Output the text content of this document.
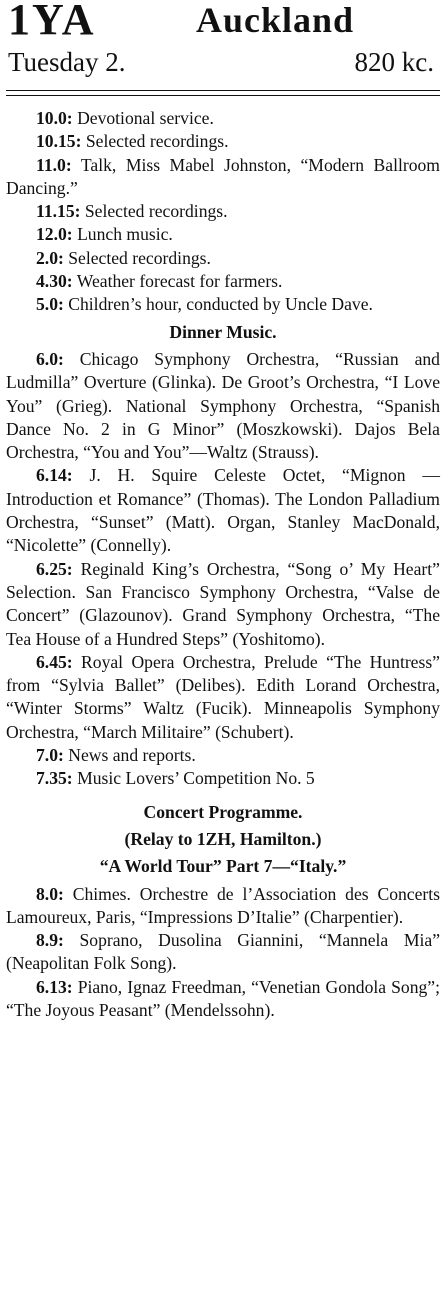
1YA	Auckland
Tuesday 2.	820 kc.

10.0: Devotional service.

10.15: Selected recordings.

11.0: Talk, Miss Mabel Johnston, “Modern Ballroom Dancing.”

11.15: Selected recordings.

12.0: Lunch music.

2.0: Selected recordings.

4.30: Weather forecast for farmers.

5.0: Children’s hour, conducted by Uncle Dave.

Dinner Music.

6.0: Chicago Symphony Orchestra, “Russian and Ludmilla” Overture (Glinka). De Groot’s Orchestra, “I Love You” (Grieg). National Symphony Orchestra, “Spanish Dance No. 2 in G Minor” (Moszkowski). Dajos Bela Orchestra, “You and You”—Waltz (Strauss).

6.14: J. H. Squire Celeste Octet, “Mignon — Introduction et Romance” (Thomas). The London Palladium Orchestra, “Sunset” (Matt). Organ, Stanley MacDonald, “Nicolette” (Connelly).

6.25: Reginald King’s Orchestra, “Song o’ My Heart” Selection. San Francisco Symphony Orchestra, “Valse de Concert” (Glazounov). Grand Symphony Orchestra, “The Tea House of a Hundred Steps” (Yoshitomo).

6.45: Royal Opera Orchestra, Prelude “The Huntress” from “Sylvia Ballet” (Delibes). Edith Lorand Orchestra, “Winter Storms” Waltz (Fucik). Minneapolis Symphony Orchestra, “March Militaire” (Schubert).

7.0: News and reports.

7.35: Music Lovers’ Competition No. 5

Concert Programme.
(Relay to 1ZH, Hamilton.)
“A World Tour” Part 7—“Italy.”

8.0: Chimes. Orchestre de l’Association des Concerts Lamoureux, Paris, “Impressions D’Italie” (Charpentier).

8.9: Soprano, Dusolina Giannini, “Mannela Mia” (Neapolitan Folk Song).

6.13: Piano, Ignaz Freedman, “Venetian Gondola Song”; “The Joyous Peasant” (Mendelssohn).
